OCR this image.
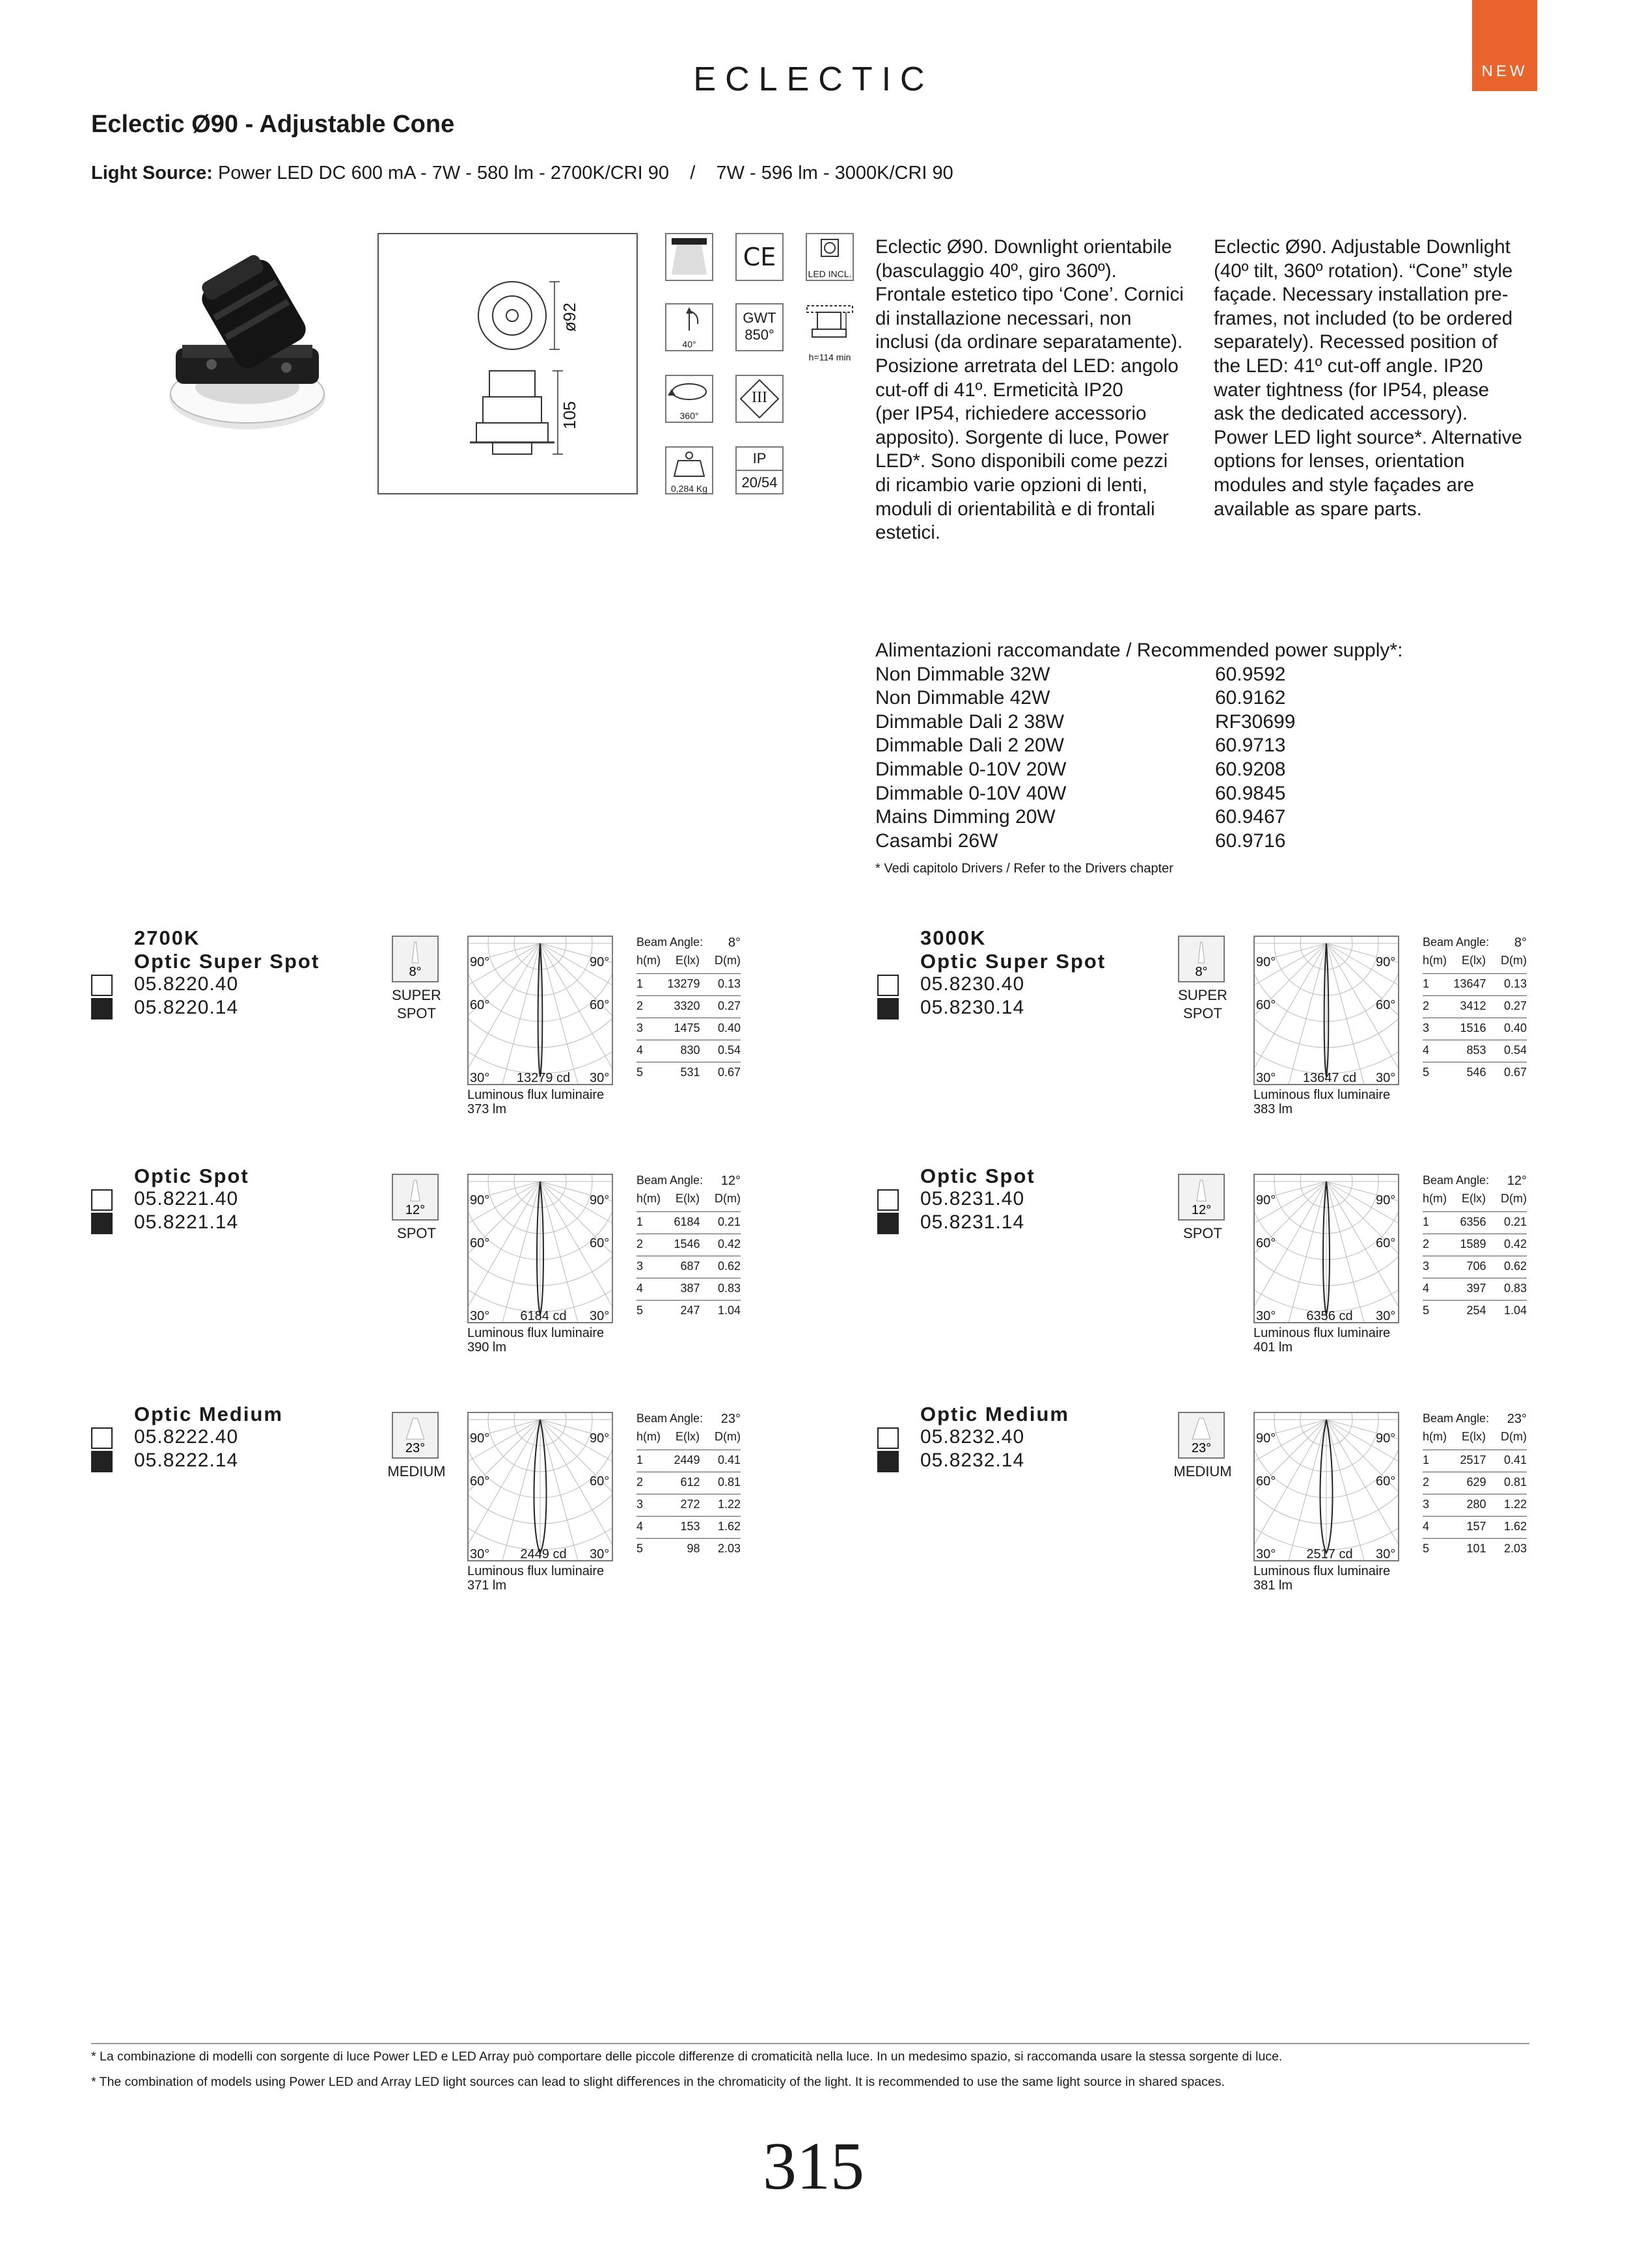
NEW
ECLECTIC
Eclectic Ø90 - Adjustable Cone
Light Source: Power LED DC 600 mA - 7W - 580 lm - 2700K/CRI 90    /    7W - 596 lm - 3000K/CRI 90
ø92
105
CE
LED INCL.
40°
GWT
850°
h=114 min
360°
III
0,284 Kg
IP
20/54
Eclectic Ø90. Downlight orientabile
(basculaggio 40º, giro 360º).
Frontale estetico tipo ‘Cone’. Cornici
di installazione necessari, non
inclusi (da ordinare separatamente).
Posizione arretrata del LED: angolo
cut-off di 41º. Ermeticità IP20
(per IP54, richiedere accessorio
apposito). Sorgente di luce, Power
LED*. Sono disponibili come pezzi
di ricambio varie opzioni di lenti,
moduli di orientabilità e di frontali
estetici.
Eclectic Ø90. Adjustable Downlight
(40º tilt, 360º rotation). “Cone” style
façade. Necessary installation pre-
frames, not included (to be ordered
separately). Recessed position of
the LED: 41º cut-off angle. IP20
water tightness (for IP54, please
ask the dedicated accessory).
Power LED light source*. Alternative
options for lenses, orientation
modules and style façades are
available as spare parts.
Alimentazioni raccomandate / Recommended power supply*:
Non Dimmable 32W	60.9592
Non Dimmable 42W	60.9162
Dimmable Dali 2 38W	RF30699
Dimmable Dali 2 20W	60.9713
Dimmable 0-10V 20W	60.9208
Dimmable 0-10V 40W	60.9845
Mains Dimming 20W	60.9467
Casambi 26W	60.9716
* Vedi capitolo Drivers / Refer to the Drivers chapter
2700K
Optic Super Spot
05.8220.40
05.8220.14
8°
SUPER
SPOT
90°	90°
60°	60°
30°	30°
13279 cd
Luminous flux luminaire
373 lm
Beam Angle: 8°
h(m) E(lx) D(m)
1	13279 0.13
2	3320 0.27
3	1475 0.40
4	830 0.54
5	531 0.67
3000K
Optic Super Spot
05.8230.40
05.8230.14
8°
SUPER
SPOT
90°	90°
60°	60°
30°	30°
13647 cd
Luminous flux luminaire
383 lm
Beam Angle: 8°
h(m) E(lx) D(m)
1	13647 0.13
2	3412 0.27
3	1516 0.40
4	853 0.54
5	546 0.67
Optic Spot
05.8221.40
05.8221.14
12°
SPOT
90°	90°
60°	60°
30°	30°
6184 cd
Luminous flux luminaire
390 lm
Beam Angle: 12°
h(m) E(lx) D(m)
1	6184 0.21
2	1546 0.42
3	687 0.62
4	387 0.83
5	247 1.04
Optic Spot
05.8231.40
05.8231.14
12°
SPOT
90°	90°
60°	60°
30°	30°
6356 cd
Luminous flux luminaire
401 lm
Beam Angle: 12°
h(m) E(lx) D(m)
1	6356 0.21
2	1589 0.42
3	706 0.62
4	397 0.83
5	254 1.04
Optic Medium
05.8222.40
05.8222.14
23°
MEDIUM
90°	90°
60°	60°
30°	30°
2449 cd
Luminous flux luminaire
371 lm
Beam Angle: 23°
h(m) E(lx) D(m)
1	2449 0.41
2	612 0.81
3	272 1.22
4	153 1.62
5	98 2.03
Optic Medium
05.8232.40
05.8232.14
23°
MEDIUM
90°	90°
60°	60°
30°	30°
2517 cd
Luminous flux luminaire
381 lm
Beam Angle: 23°
h(m) E(lx) D(m)
1	2517 0.41
2	629 0.81
3	280 1.22
4	157 1.62
5	101 2.03
* La combinazione di modelli con sorgente di luce Power LED e LED Array può comportare delle piccole differenze di cromaticità nella luce. In un medesimo spazio, si raccomanda usare la stessa sorgente di luce.
* The combination of models using Power LED and Array LED light sources can lead to slight diﬀerences in the chromaticity of the light. It is recommended to use the same light source in shared spaces.
315
